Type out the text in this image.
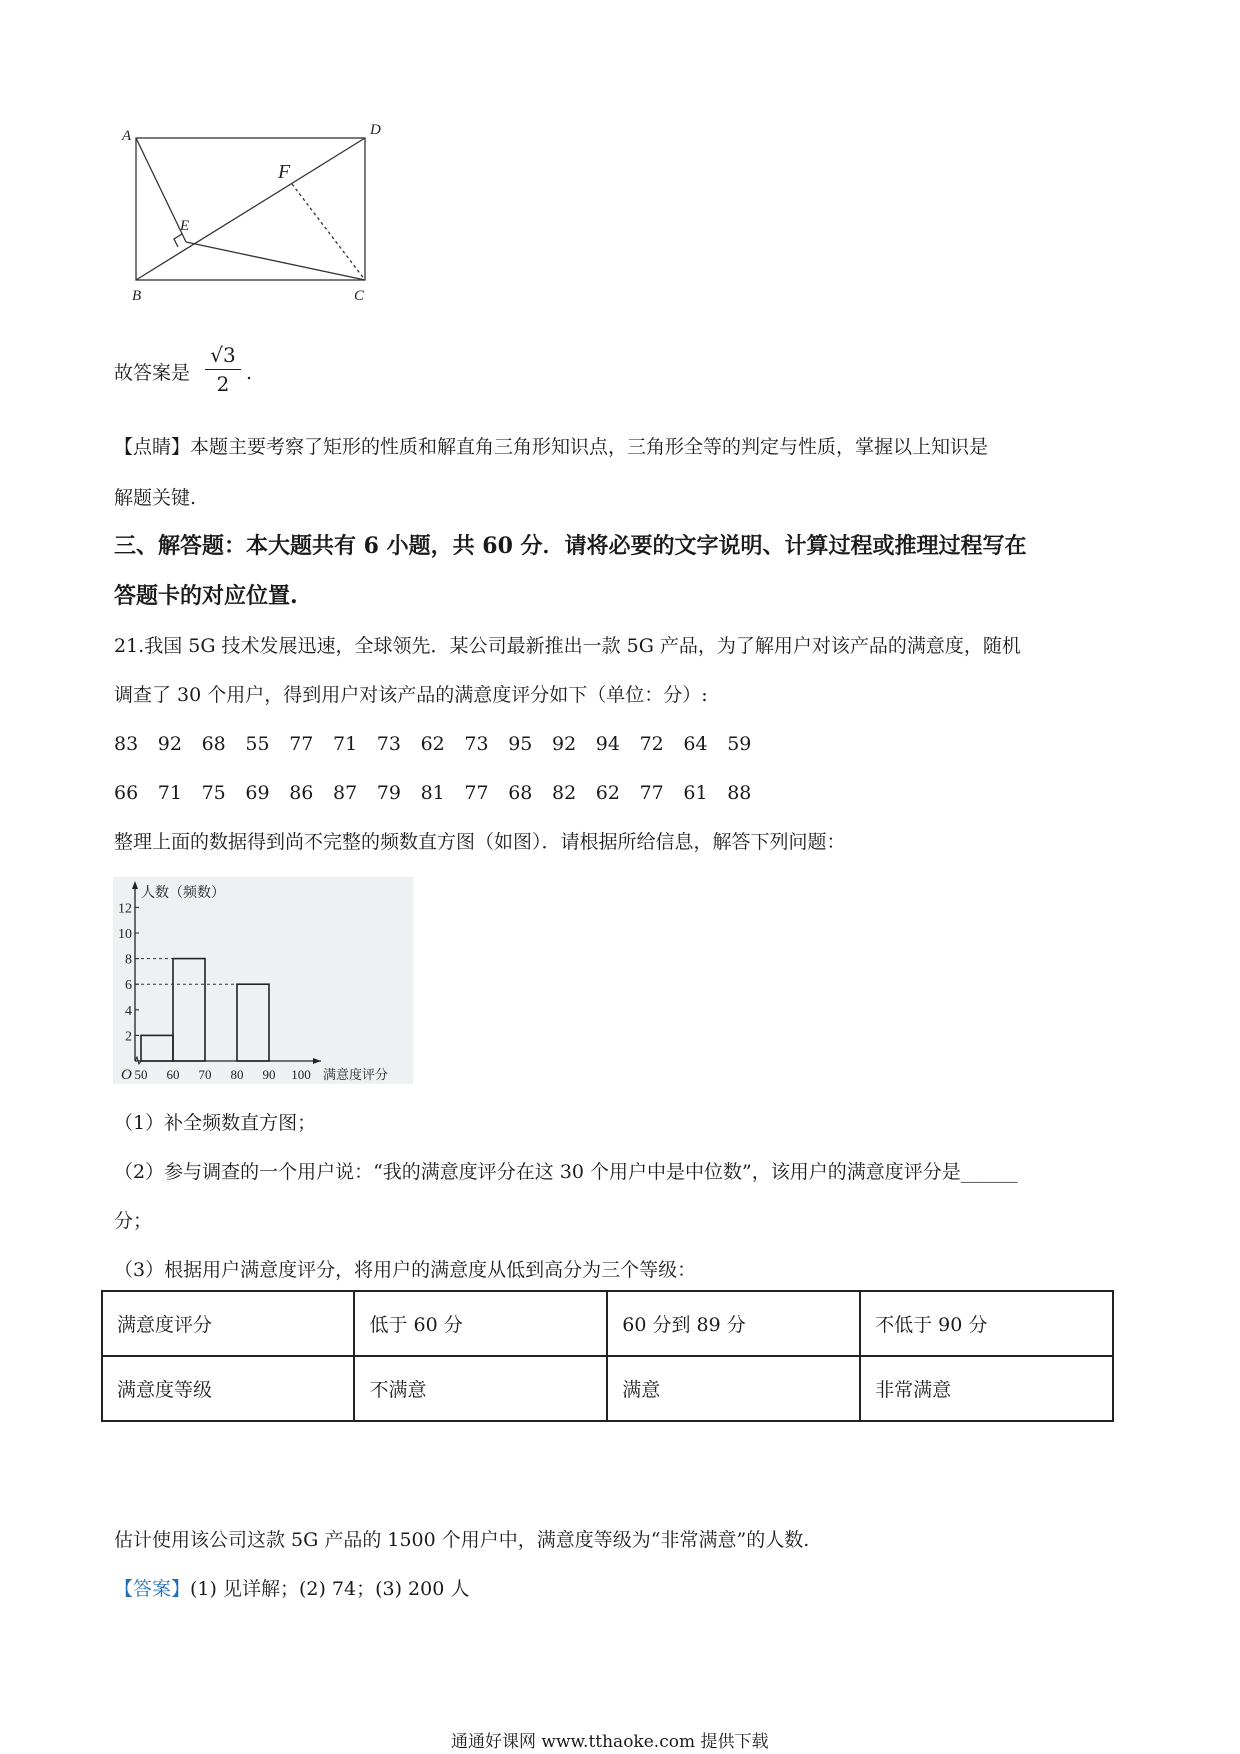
A	D
B	C
E
F
故答案是
√3
2 .
【点睛】本题主要考察了矩形的性质和解直角三角形知识点，三角形全等的判定与性质，掌握以上知识是
解题关键.
三、解答题：本大题共有 6 小题，共 60 分．请将必要的文字说明、计算过程或推理过程写在
答题卡的对应位置.
21.我国 5G 技术发展迅速，全球领先．某公司最新推出一款 5G 产品，为了解用户对该产品的满意度，随机
调查了 30 个用户，得到用户对该产品的满意度评分如下（单位：分）:
83 92 68 55 77 71 73 62 73 95 92 94 72 64 59
66 71 75 69 86 87 79 81 77 68 82 62 77 61 88
整理上面的数据得到尚不完整的频数直方图（如图）．请根据所给信息，解答下列问题：
2
4
6
8
10
12
50 60 70 80 90 100
O
人数（频数）
满意度评分
（1）补全频数直方图；
（2）参与调查的一个用户说：“我的满意度评分在这 30 个用户中是中位数”，该用户的满意度评分是______
分；
（3）根据用户满意度评分，将用户的满意度从低到高分为三个等级：
满意度评分	低于 60 分	60 分到 89 分	不低于 90 分
满意度等级	不满意	满意	非常满意
估计使用该公司这款 5G 产品的 1500 个用户中，满意度等级为“非常满意”的人数.
【答案】(1) 见详解；(2) 74；(3) 200 人
通通好课网 www.tthaoke.com 提供下载
